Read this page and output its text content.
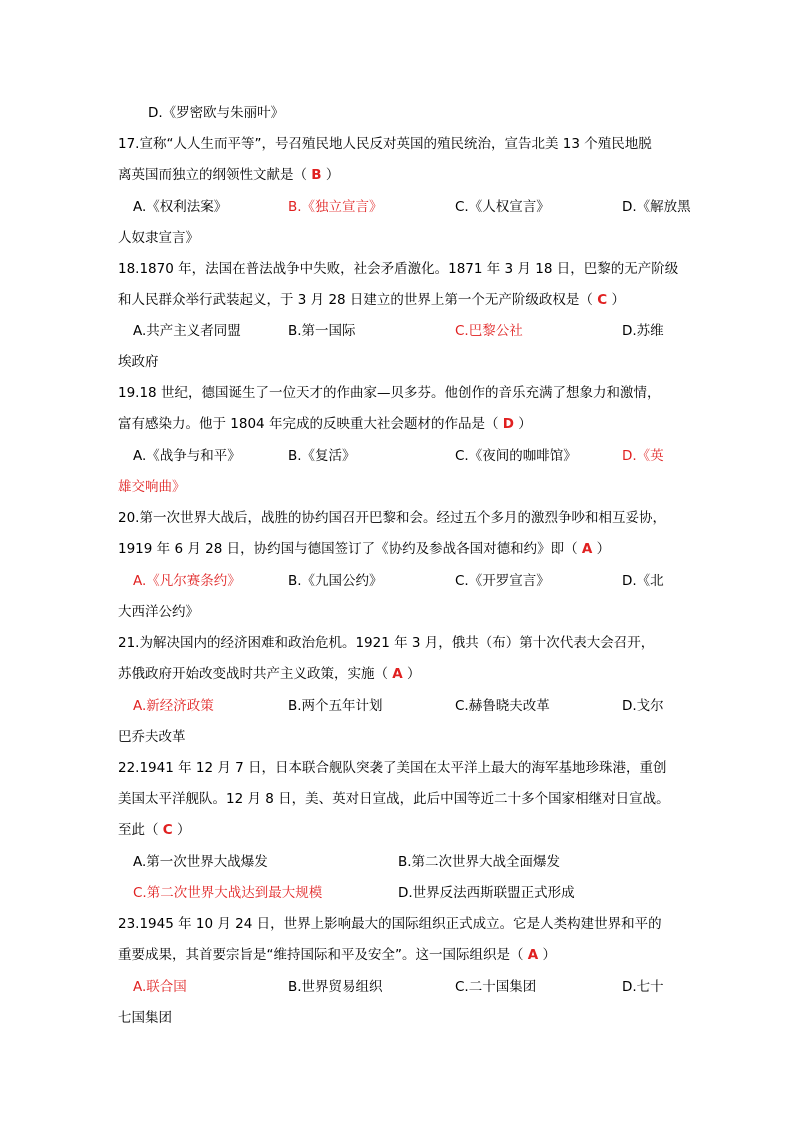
D.《罗密欧与朱丽叶》
17.宣称“人人生而平等”，号召殖民地人民反对英国的殖民统治，宣告北美 13 个殖民地脱
离英国而独立的纲领性文献是（ B ）
A.《权利法案》	B.《独立宣言》	C.《人权宣言》	D.《解放黑
人奴隶宣言》
18.1870 年，法国在普法战争中失败，社会矛盾激化。1871 年 3 月 18 日，巴黎的无产阶级
和人民群众举行武装起义，于 3 月 28 日建立的世界上第一个无产阶级政权是（ C ）
A.共产主义者同盟	B.第一国际	C.巴黎公社	D.苏维
埃政府
19.18 世纪，德国诞生了一位天才的作曲家—贝多芬。他创作的音乐充满了想象力和激情，
富有感染力。他于 1804 年完成的反映重大社会题材的作品是（ D ）
A.《战争与和平》	B.《复活》	C.《夜间的咖啡馆》	D.《英
雄交响曲》
20.第一次世界大战后，战胜的协约国召开巴黎和会。经过五个多月的激烈争吵和相互妥协，
1919 年 6 月 28 日，协约国与德国签订了《协约及参战各国对德和约》即（ A ）
A.《凡尔赛条约》	B.《九国公约》	C.《开罗宣言》	D.《北
大西洋公约》
21.为解决国内的经济困难和政治危机。1921 年 3 月，俄共（布）第十次代表大会召开，
苏俄政府开始改变战时共产主义政策，实施（ A ）
A.新经济政策	B.两个五年计划	C.赫鲁晓夫改革	D.戈尔
巴乔夫改革
22.1941 年 12 月 7 日，日本联合舰队突袭了美国在太平洋上最大的海军基地珍珠港，重创
美国太平洋舰队。12 月 8 日，美、英对日宣战，此后中国等近二十多个国家相继对日宣战。
至此（ C ）
A.第一次世界大战爆发	B.第二次世界大战全面爆发
C.第二次世界大战达到最大规模	D.世界反法西斯联盟正式形成
23.1945 年 10 月 24 日，世界上影响最大的国际组织正式成立。它是人类构建世界和平的
重要成果，其首要宗旨是“维持国际和平及安全”。这一国际组织是（ A ）
A.联合国	B.世界贸易组织	C.二十国集团	D.七十
七国集团
